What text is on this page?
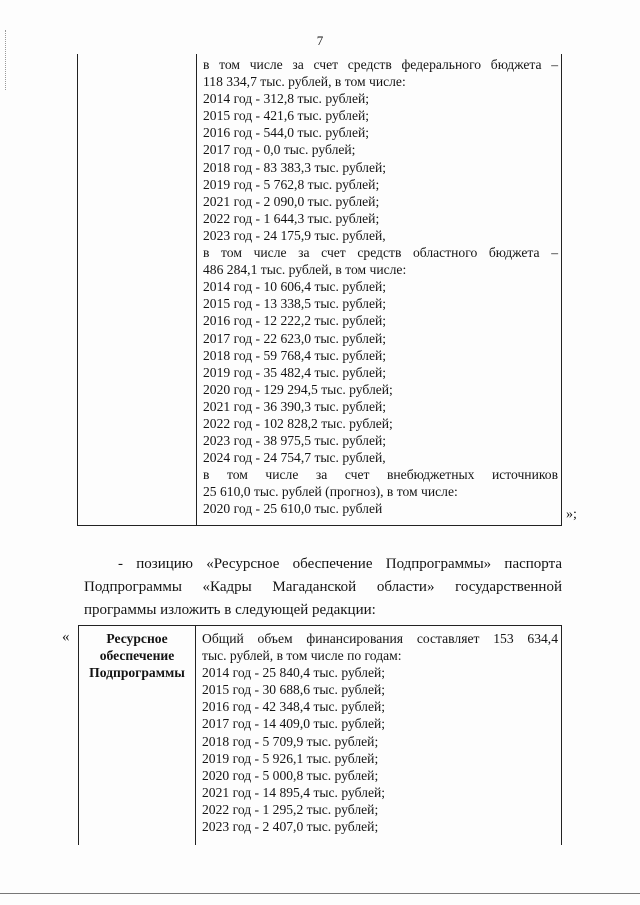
7
в том числе за счет средств федерального бюджета –
118 334,7 тыс. рублей, в том числе:
2014 год - 312,8 тыс. рублей;
2015 год - 421,6 тыс. рублей;
2016 год - 544,0 тыс. рублей;
2017 год - 0,0 тыс. рублей;
2018 год - 83 383,3 тыс. рублей;
2019 год - 5 762,8 тыс. рублей;
2021 год - 2 090,0 тыс. рублей;
2022 год - 1 644,3 тыс. рублей;
2023 год - 24 175,9 тыс. рублей,
в том числе за счет средств областного бюджета –
486 284,1 тыс. рублей, в том числе:
2014 год - 10 606,4 тыс. рублей;
2015 год - 13 338,5 тыс. рублей;
2016 год - 12 222,2 тыс. рублей;
2017 год - 22 623,0 тыс. рублей;
2018 год - 59 768,4 тыс. рублей;
2019 год - 35 482,4 тыс. рублей;
2020 год - 129 294,5 тыс. рублей;
2021 год - 36 390,3 тыс. рублей;
2022 год - 102 828,2 тыс. рублей;
2023 год - 38 975,5 тыс. рублей;
2024 год - 24 754,7 тыс. рублей,
в том числе за счет внебюджетных источников
25 610,0 тыс. рублей (прогноз), в том числе:
2020 год - 25 610,0 тыс. рублей	»;
- позицию «Ресурсное обеспечение Подпрограммы» паспорта
Подпрограммы «Кадры Магаданской области» государственной
программы изложить в следующей редакции:
«	Ресурсное
обеспечение
Подпрограммы
Общий объем финансирования составляет 153 634,4
тыс. рублей, в том числе по годам:
2014 год - 25 840,4 тыс. рублей;
2015 год - 30 688,6 тыс. рублей;
2016 год - 42 348,4 тыс. рублей;
2017 год - 14 409,0 тыс. рублей;
2018 год - 5 709,9 тыс. рублей;
2019 год - 5 926,1 тыс. рублей;
2020 год - 5 000,8 тыс. рублей;
2021 год - 14 895,4 тыс. рублей;
2022 год - 1 295,2 тыс. рублей;
2023 год - 2 407,0 тыс. рублей;
